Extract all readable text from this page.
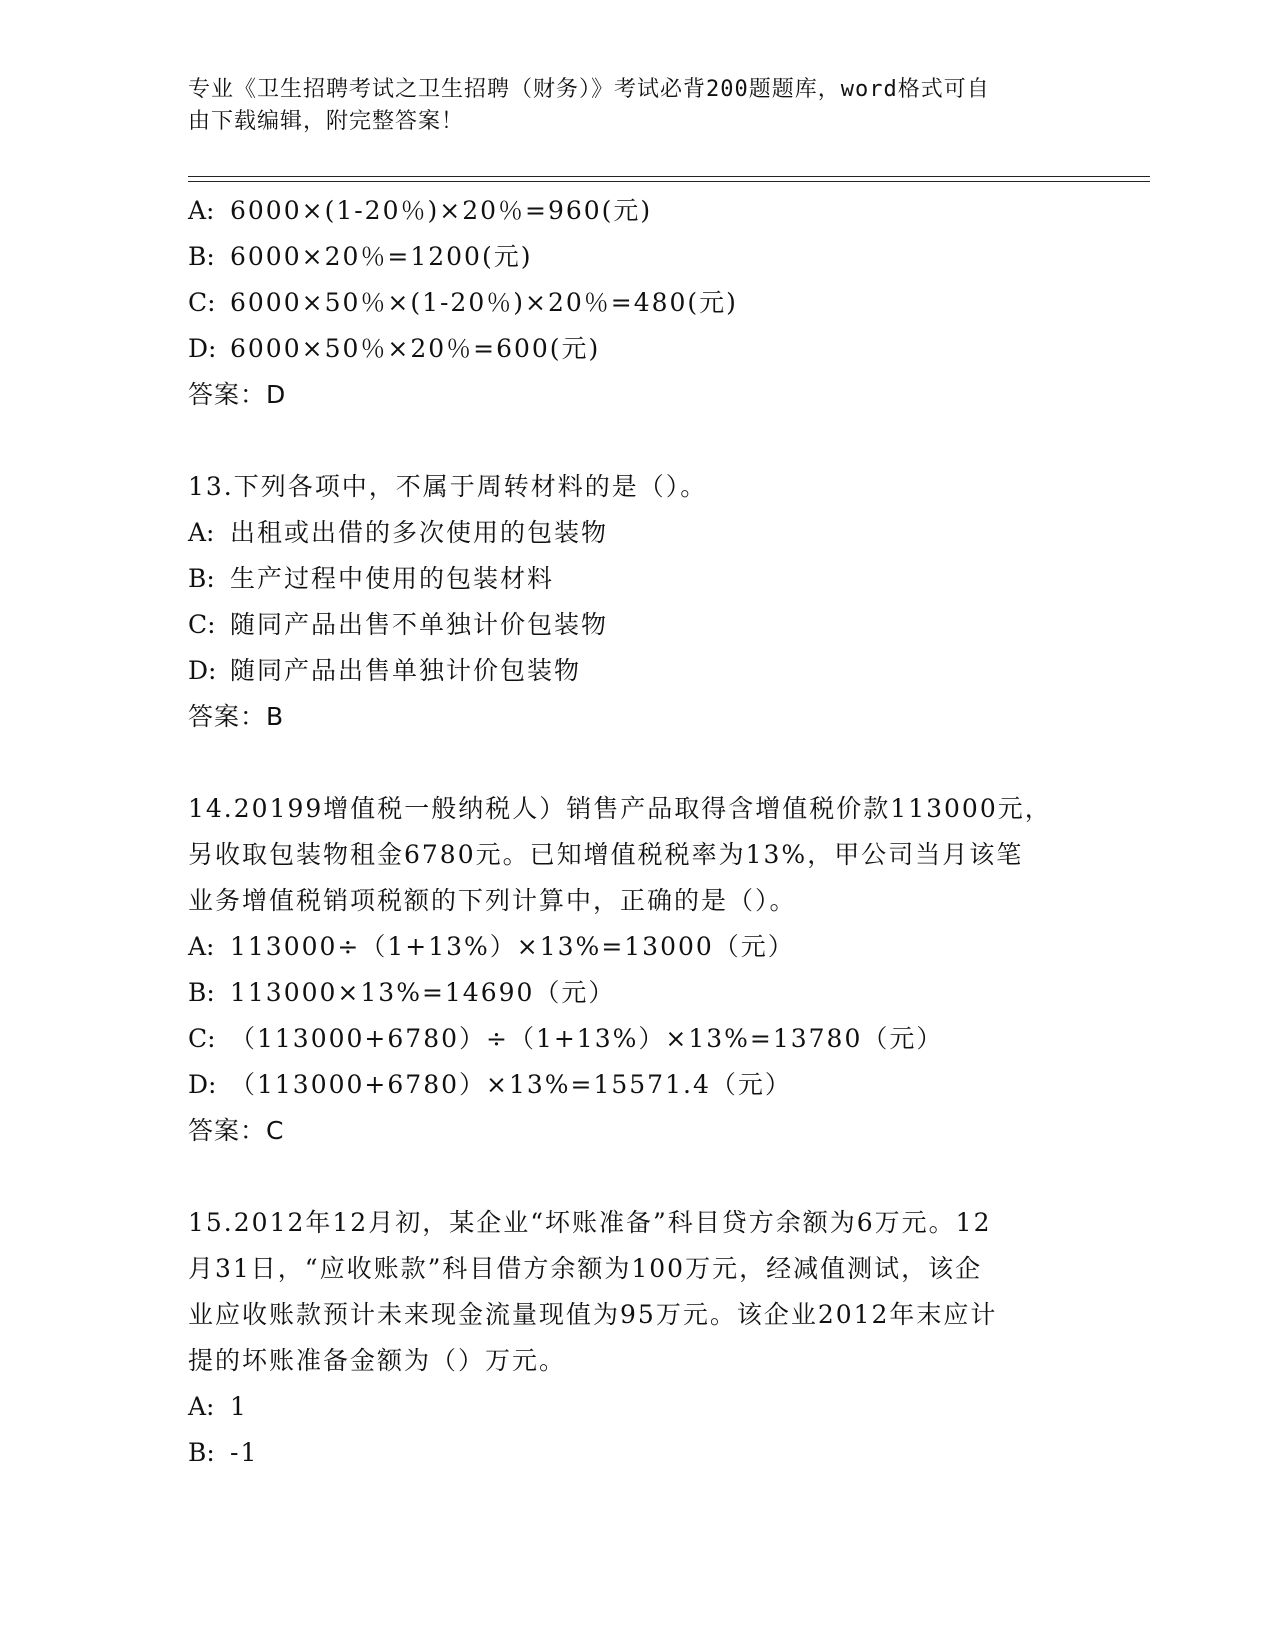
专业《卫生招聘考试之卫生招聘（财务）》考试必背200题题库，word格式可自
由下载编辑，附完整答案！
A: 6000×(1-20％)×20％=960(元)
B: 6000×20％=1200(元)
C: 6000×50％×(1-20％)×20％=480(元)
D: 6000×50％×20％=600(元)
答案：D
13.下列各项中，不属于周转材料的是（）。
A: 出租或出借的多次使用的包装物
B: 生产过程中使用的包装材料
C: 随同产品出售不单独计价包装物
D: 随同产品出售单独计价包装物
答案：B
14.20199增值税一般纳税人）销售产品取得含增值税价款113000元，
另收取包装物租金6780元。已知增值税税率为13%，甲公司当月该笔
业务增值税销项税额的下列计算中，正确的是（）。
A: 113000÷（1+13%）×13%=13000（元）
B: 113000×13%=14690（元）
C: （113000+6780）÷（1+13%）×13%=13780（元）
D: （113000+6780）×13%=15571.4（元）
答案：C
15.2012年12月初，某企业“坏账准备”科目贷方余额为6万元。12
月31日，“应收账款”科目借方余额为100万元，经减值测试，该企
业应收账款预计未来现金流量现值为95万元。该企业2012年末应计
提的坏账准备金额为（）万元。
A: 1
B: -1
